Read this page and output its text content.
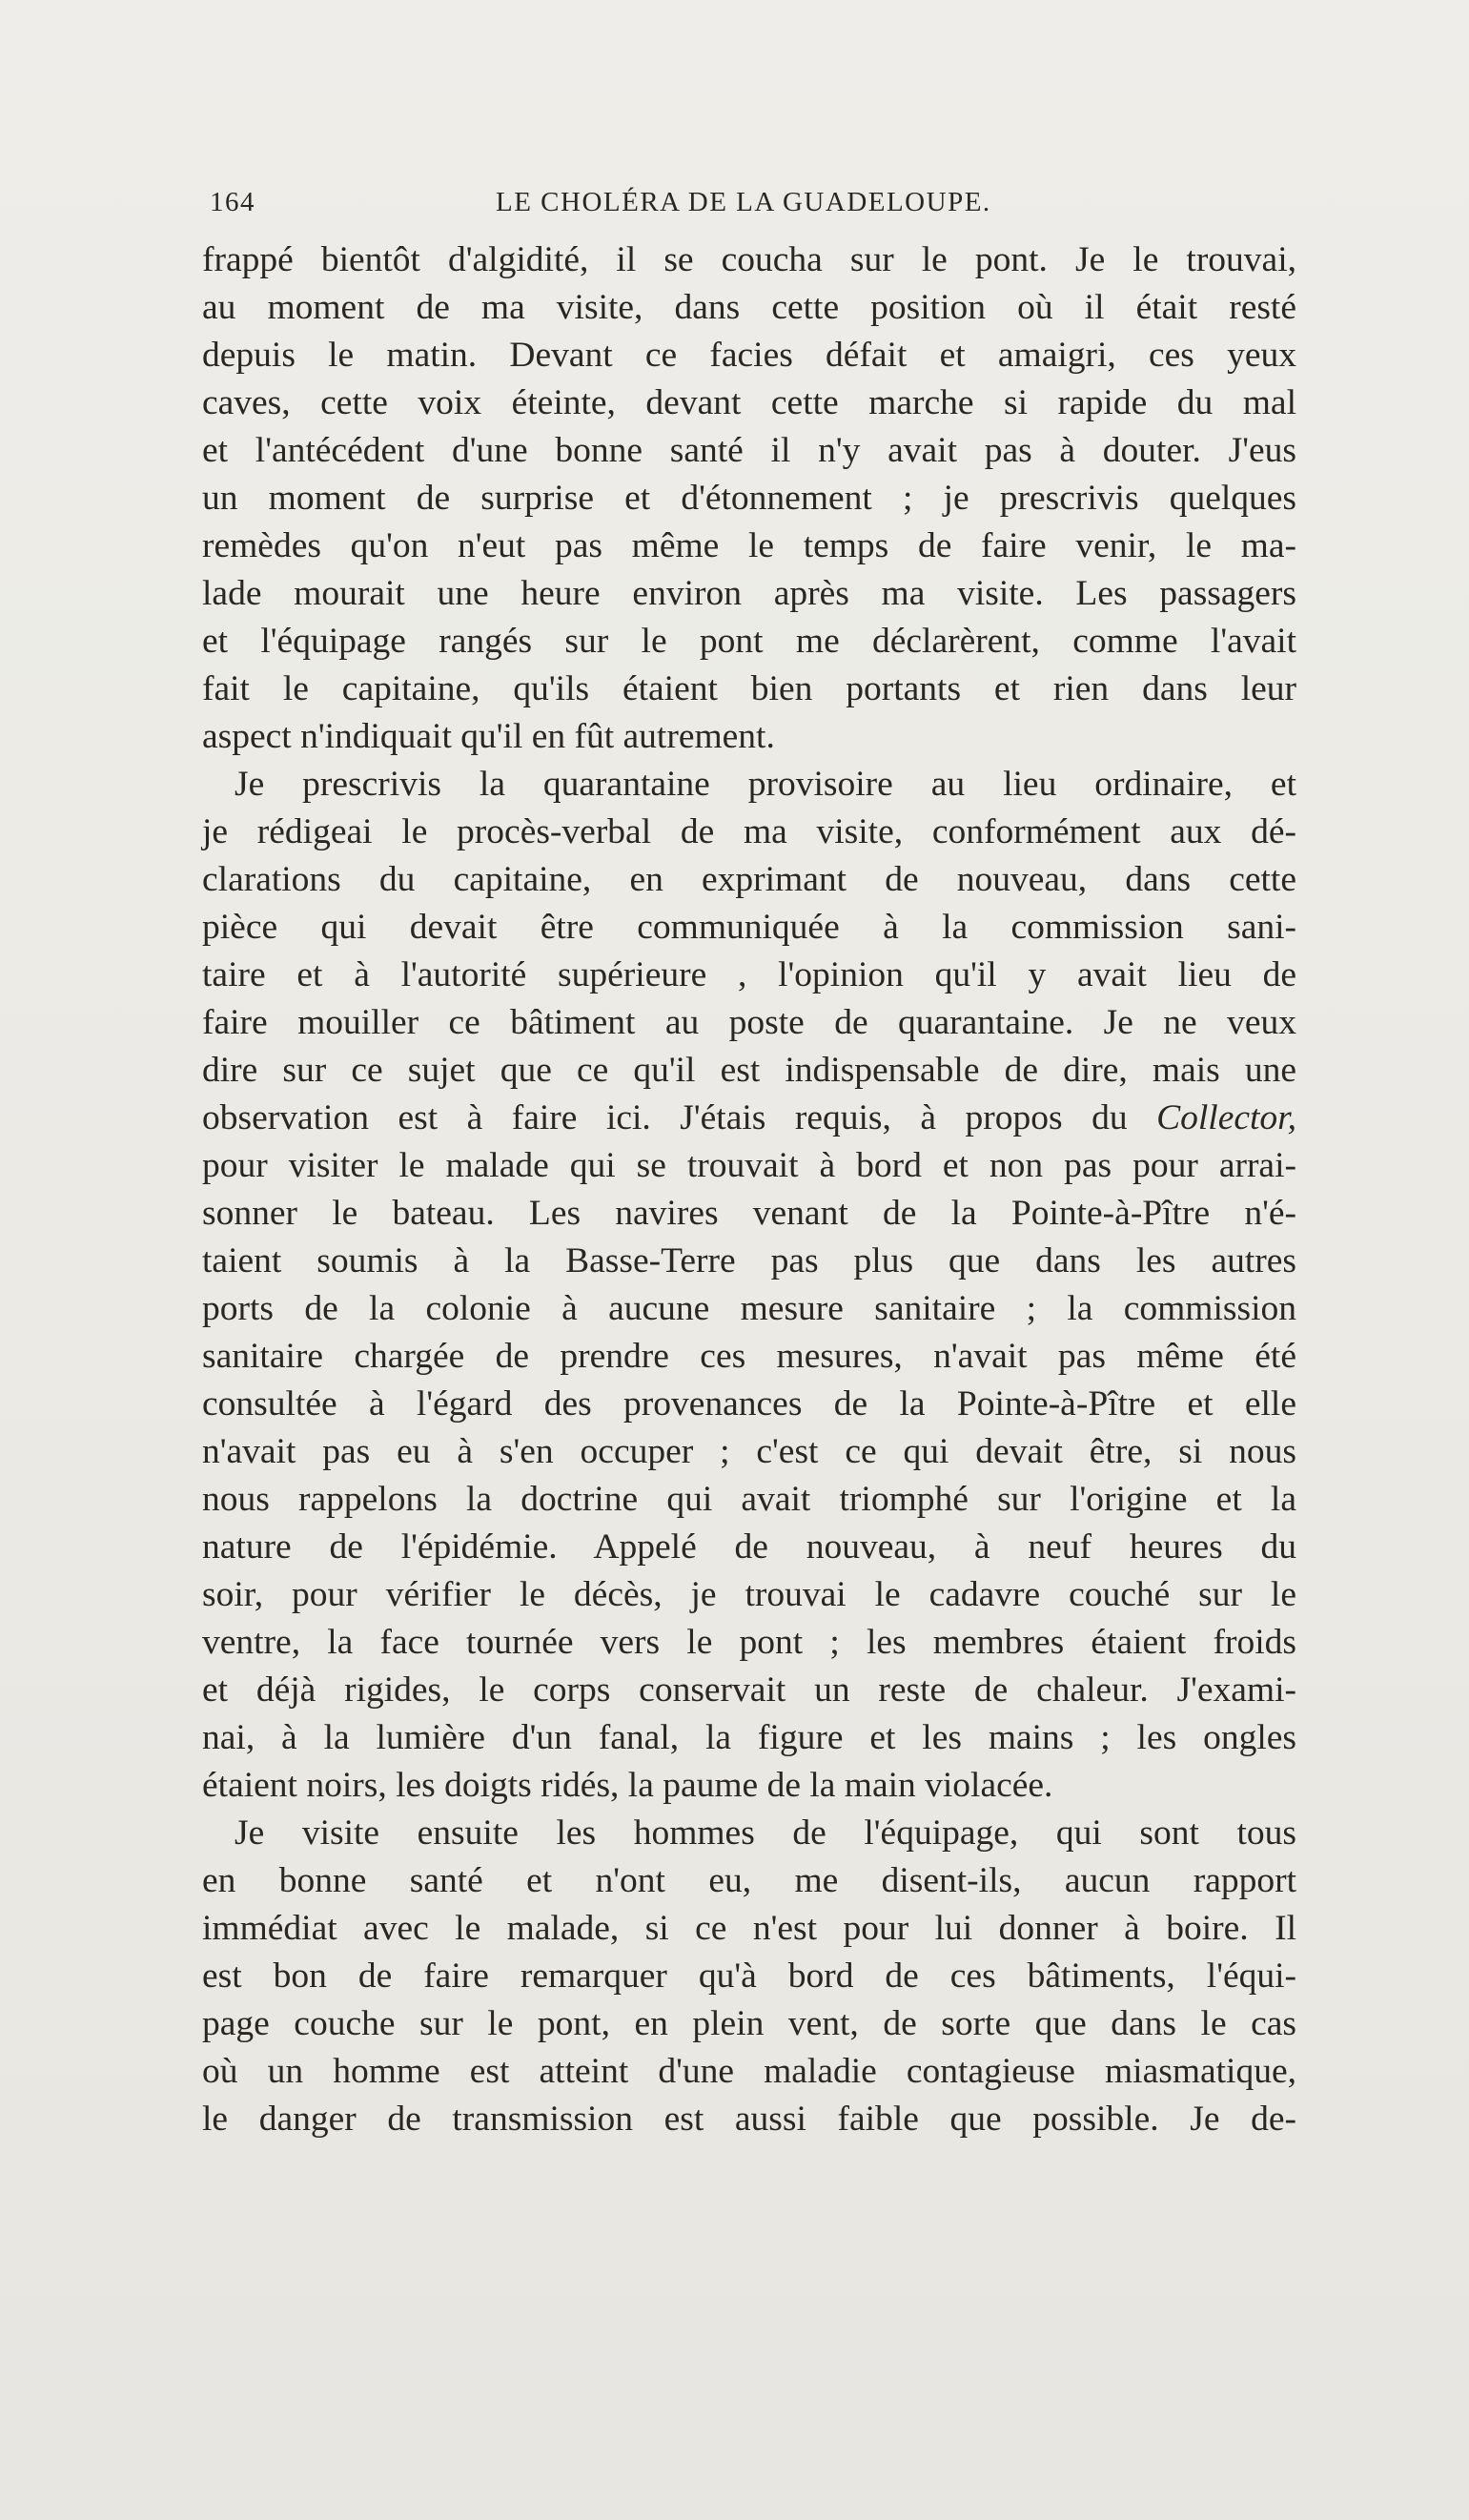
164	LE CHOLÉRA DE LA GUADELOUPE.
frappé bientôt d'algidité, il se coucha sur le pont. Je le trouvai,
au moment de ma visite, dans cette position où il était resté
depuis le matin. Devant ce facies défait et amaigri, ces yeux
caves, cette voix éteinte, devant cette marche si rapide du mal
et l'antécédent d'une bonne santé il n'y avait pas à douter. J'eus
un moment de surprise et d'étonnement ; je prescrivis quelques
remèdes qu'on n'eut pas même le temps de faire venir, le ma-
lade mourait une heure environ après ma visite. Les passagers
et l'équipage rangés sur le pont me déclarèrent, comme l'avait
fait le capitaine, qu'ils étaient bien portants et rien dans leur
aspect n'indiquait qu'il en fût autrement.
Je prescrivis la quarantaine provisoire au lieu ordinaire, et
je rédigeai le procès-verbal de ma visite, conformément aux dé-
clarations du capitaine, en exprimant de nouveau, dans cette
pièce qui devait être communiquée à la commission sani-
taire et à l'autorité supérieure , l'opinion qu'il y avait lieu de
faire mouiller ce bâtiment au poste de quarantaine. Je ne veux
dire sur ce sujet que ce qu'il est indispensable de dire, mais une
observation est à faire ici. J'étais requis, à propos du Collector,
pour visiter le malade qui se trouvait à bord et non pas pour arrai-
sonner le bateau. Les navires venant de la Pointe-à-Pître n'é-
taient soumis à la Basse-Terre pas plus que dans les autres
ports de la colonie à aucune mesure sanitaire ; la commission
sanitaire chargée de prendre ces mesures, n'avait pas même été
consultée à l'égard des provenances de la Pointe-à-Pître et elle
n'avait pas eu à s'en occuper ; c'est ce qui devait être, si nous
nous rappelons la doctrine qui avait triomphé sur l'origine et la
nature de l'épidémie. Appelé de nouveau, à neuf heures du
soir, pour vérifier le décès, je trouvai le cadavre couché sur le
ventre, la face tournée vers le pont ; les membres étaient froids
et déjà rigides, le corps conservait un reste de chaleur. J'exami-
nai, à la lumière d'un fanal, la figure et les mains ; les ongles
étaient noirs, les doigts ridés, la paume de la main violacée.
Je visite ensuite les hommes de l'équipage, qui sont tous
en bonne santé et n'ont eu, me disent-ils, aucun rapport
immédiat avec le malade, si ce n'est pour lui donner à boire. Il
est bon de faire remarquer qu'à bord de ces bâtiments, l'équi-
page couche sur le pont, en plein vent, de sorte que dans le cas
où un homme est atteint d'une maladie contagieuse miasmatique,
le danger de transmission est aussi faible que possible. Je de-
